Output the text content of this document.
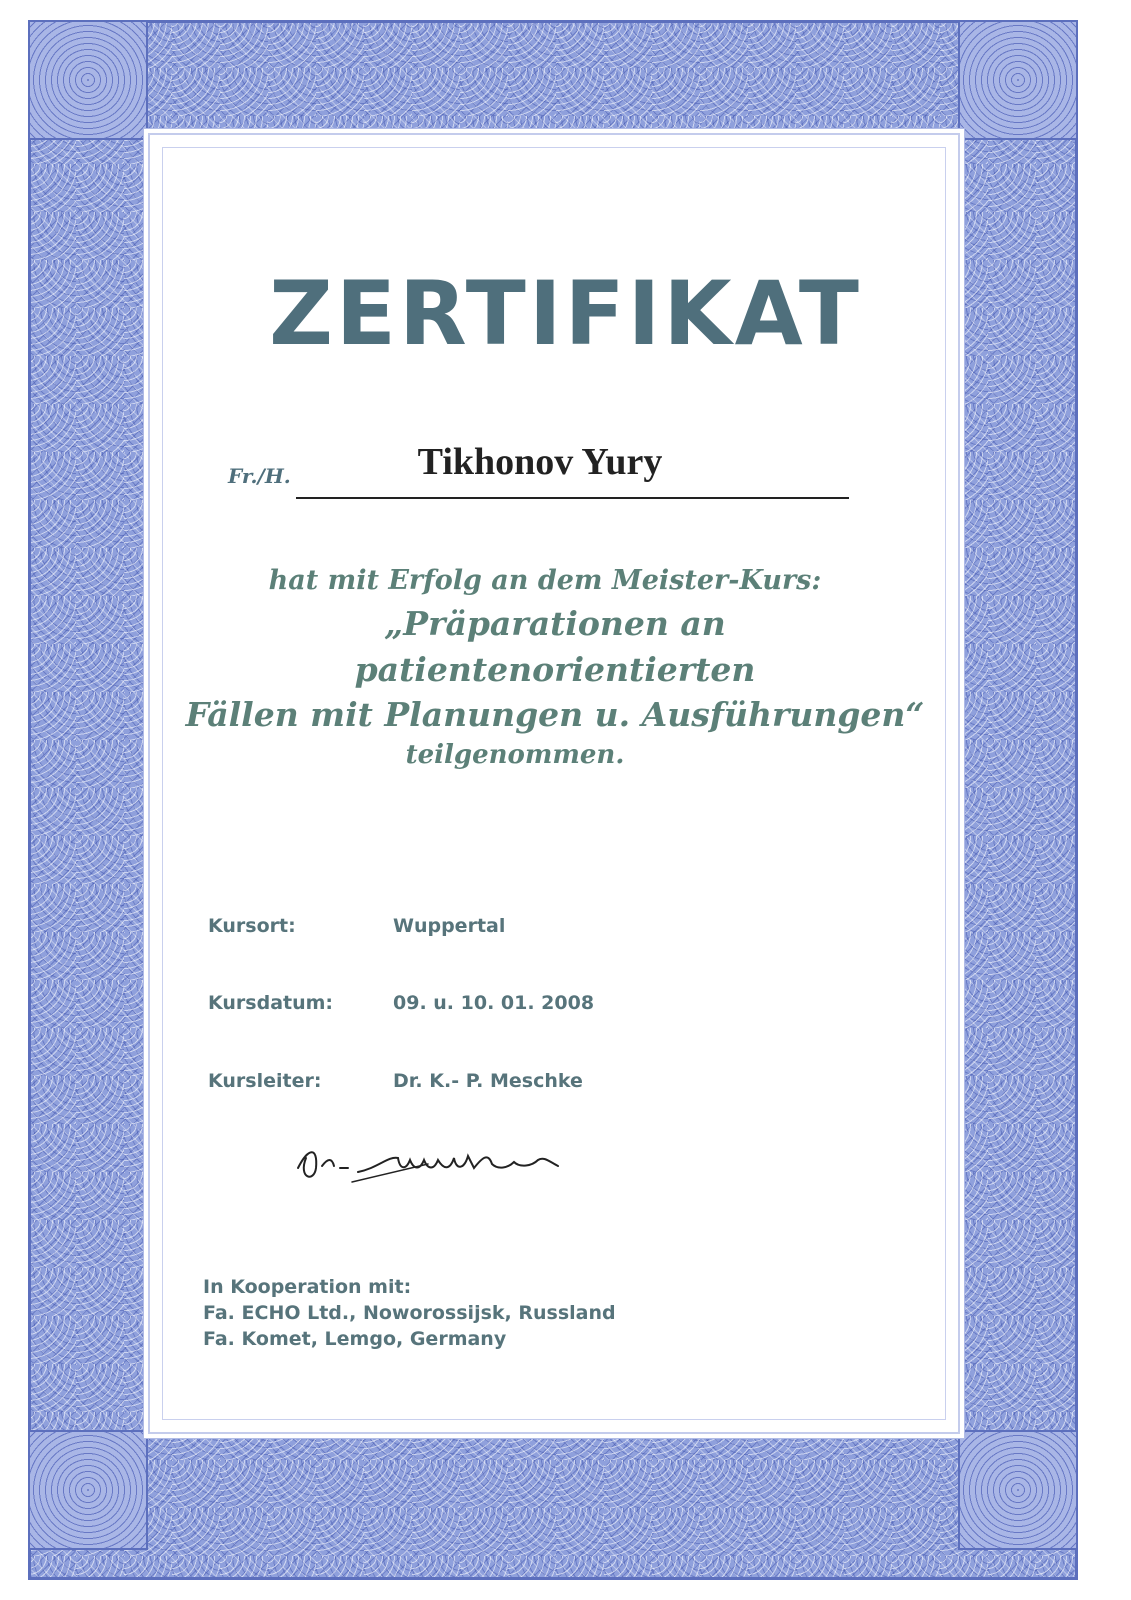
ZERTIFIKAT
Fr./H.	Tikhonov Yury
hat mit Erfolg an dem Meister-Kurs:
„Präparationen an
patientenorientierten
Fällen mit Planungen u. Ausführungen“
teilgenommen.
Kursort:	Wuppertal
Kursdatum:	09. u. 10. 01. 2008
Kursleiter:	Dr. K.- P. Meschke
In Kooperation mit:
Fa. ECHO Ltd., Noworossijsk, Russland
Fa. Komet, Lemgo, Germany
